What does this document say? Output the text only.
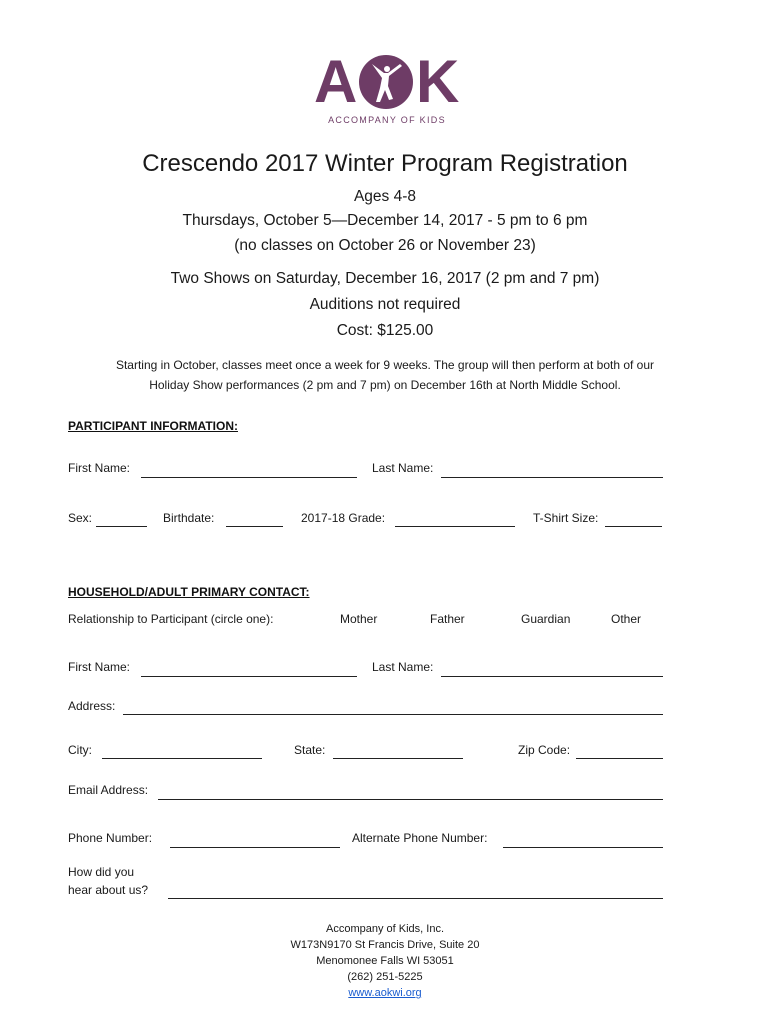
A K
ACCOMPANY OF KIDS
Crescendo 2017 Winter Program Registration
Ages 4-8
Thursdays, October 5—December 14, 2017 - 5 pm to 6 pm
(no classes on October 26 or November 23)
Two Shows on Saturday, December 16, 2017 (2 pm and 7 pm)
Auditions not required
Cost: $125.00
Starting in October, classes meet once a week for 9 weeks. The group will then perform at both of our
Holiday Show performances (2 pm and 7 pm) on December 16th at North Middle School.
PARTICIPANT INFORMATION:
First Name:	Last Name:
Sex:	Birthdate:	2017-18 Grade:	T-Shirt Size:
HOUSEHOLD/ADULT PRIMARY CONTACT:
Relationship to Participant (circle one):	Mother	Father	Guardian	Other
First Name:	Last Name:
Address:
City:	State:	Zip Code:
Email Address:
Phone Number:	Alternate Phone Number:
How did you
hear about us?
Accompany of Kids, Inc.
W173N9170 St Francis Drive, Suite 20
Menomonee Falls WI 53051
(262) 251-5225
www.aokwi.org
